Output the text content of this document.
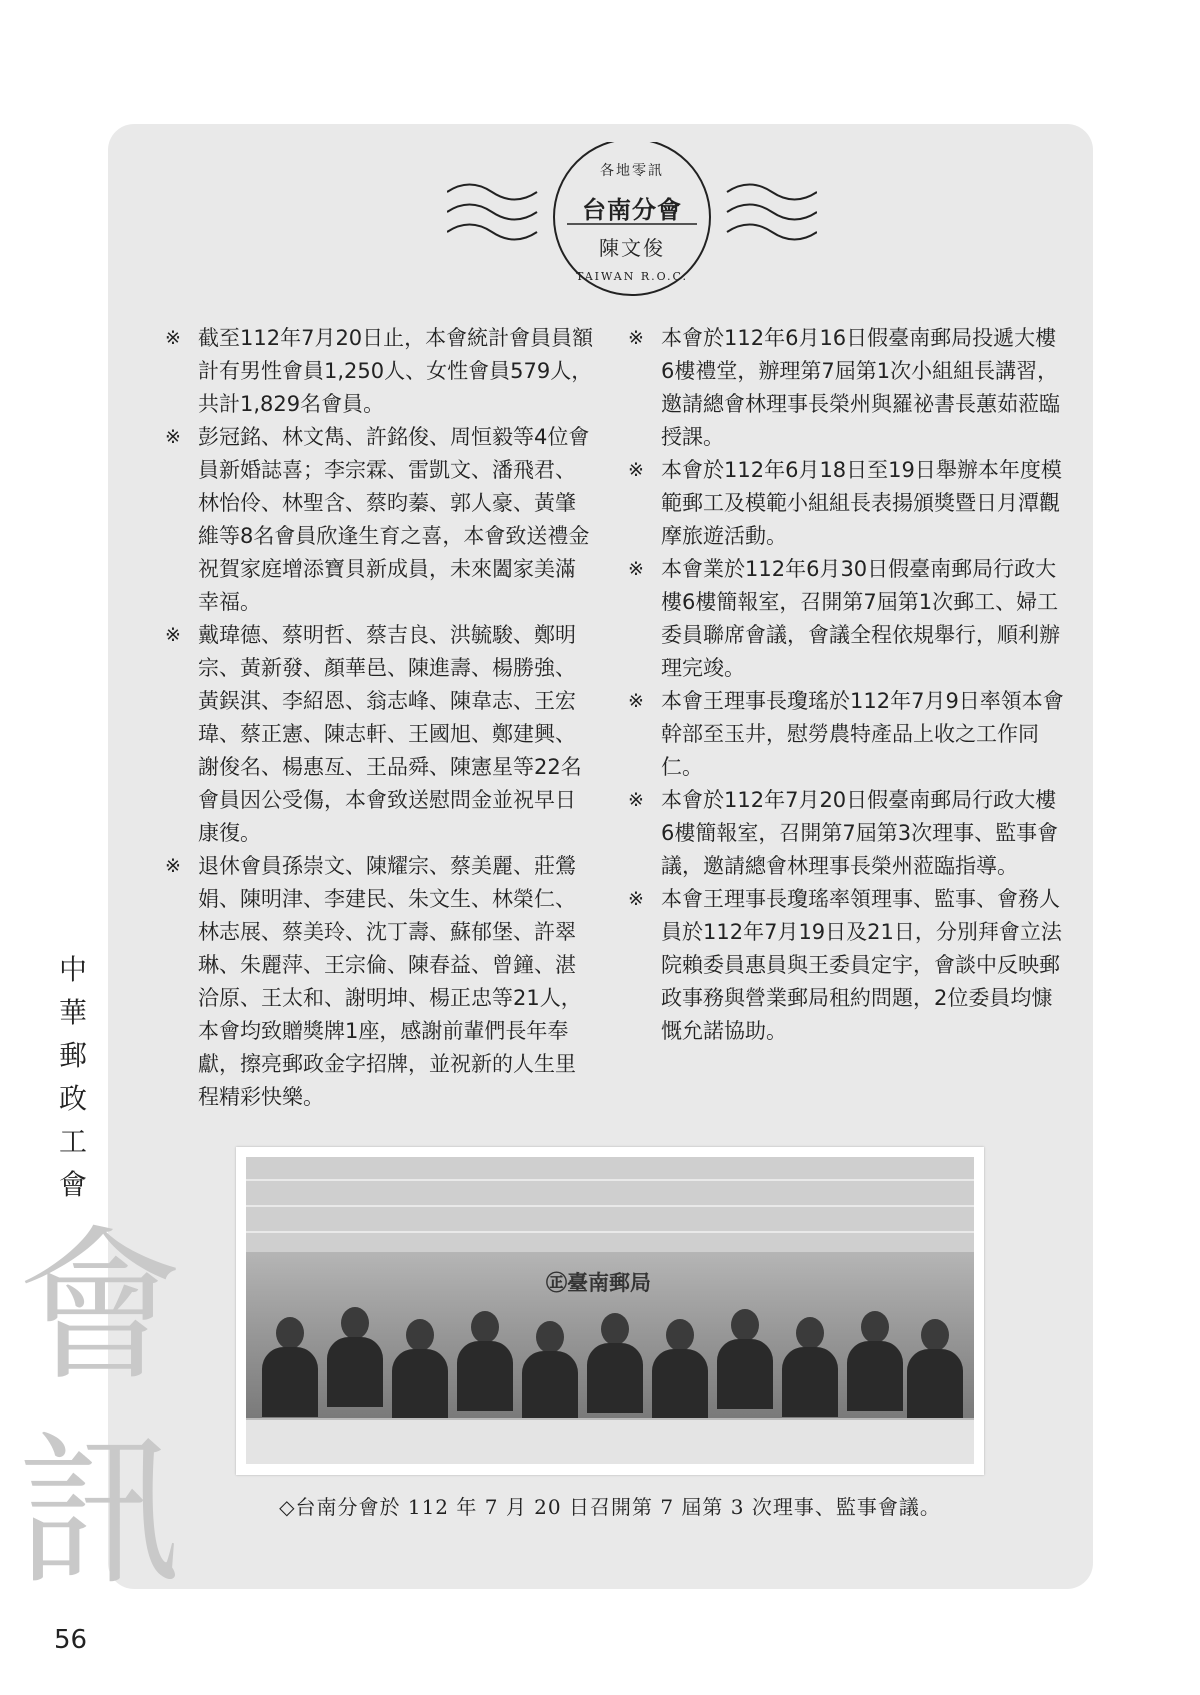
各地零訊
台南分會
陳文俊
TAIWAN R.O.C.

※ 截至112年7月20日止，本會統計會員員額計有男性會員1,250人、女性會員579人，共計1,829名會員。

※ 彭冠銘、林文雋、許銘俊、周恒毅等4位會員新婚誌喜；李宗霖、雷凱文、潘飛君、林怡伶、林聖含、蔡昀蓁、郭人豪、黃肇維等8名會員欣逢生育之喜，本會致送禮金祝賀家庭增添寶貝新成員，未來闔家美滿幸福。

※ 戴瑋德、蔡明哲、蔡吉良、洪毓駿、鄭明宗、黃新發、顏華邑、陳進壽、楊勝強、黃鋘淇、李紹恩、翁志峰、陳韋志、王宏瑋、蔡正憲、陳志軒、王國旭、鄭建興、謝俊名、楊惠亙、王品舜、陳憲星等22名會員因公受傷，本會致送慰問金並祝早日康復。

※ 退休會員孫崇文、陳耀宗、蔡美麗、莊鶯娟、陳明津、李建民、朱文生、林榮仁、林志展、蔡美玲、沈丁壽、蘇郁堡、許翠琳、朱麗萍、王宗倫、陳春益、曾鐘、湛洽原、王太和、謝明坤、楊正忠等21人，本會均致贈獎牌1座，感謝前輩們長年奉獻，擦亮郵政金字招牌，並祝新的人生里程精彩快樂。

※ 本會於112年6月16日假臺南郵局投遞大樓6樓禮堂，辦理第7屆第1次小組組長講習，邀請總會林理事長榮州與羅祕書長蕙茹蒞臨授課。

※ 本會於112年6月18日至19日舉辦本年度模範郵工及模範小組組長表揚頒獎暨日月潭觀摩旅遊活動。

※ 本會業於112年6月30日假臺南郵局行政大樓6樓簡報室，召開第7屆第1次郵工、婦工委員聯席會議，會議全程依規舉行，順利辦理完竣。

※ 本會王理事長瓊瑤於112年7月9日率領本會幹部至玉井，慰勞農特產品上收之工作同仁。

※ 本會於112年7月20日假臺南郵局行政大樓6樓簡報室，召開第7屆第3次理事、監事會議，邀請總會林理事長榮州蒞臨指導。

※ 本會王理事長瓊瑤率領理事、監事、會務人員於112年7月19日及21日，分別拜會立法院賴委員惠員與王委員定宇，會談中反映郵政事務與營業郵局租約問題，2位委員均慷慨允諾協助。

㊣臺南郵局
◇台南分會於 112 年 7 月 20 日召開第 7 屆第 3 次理事、監事會議。
中
華
郵
政
工
會
會
訊
56
